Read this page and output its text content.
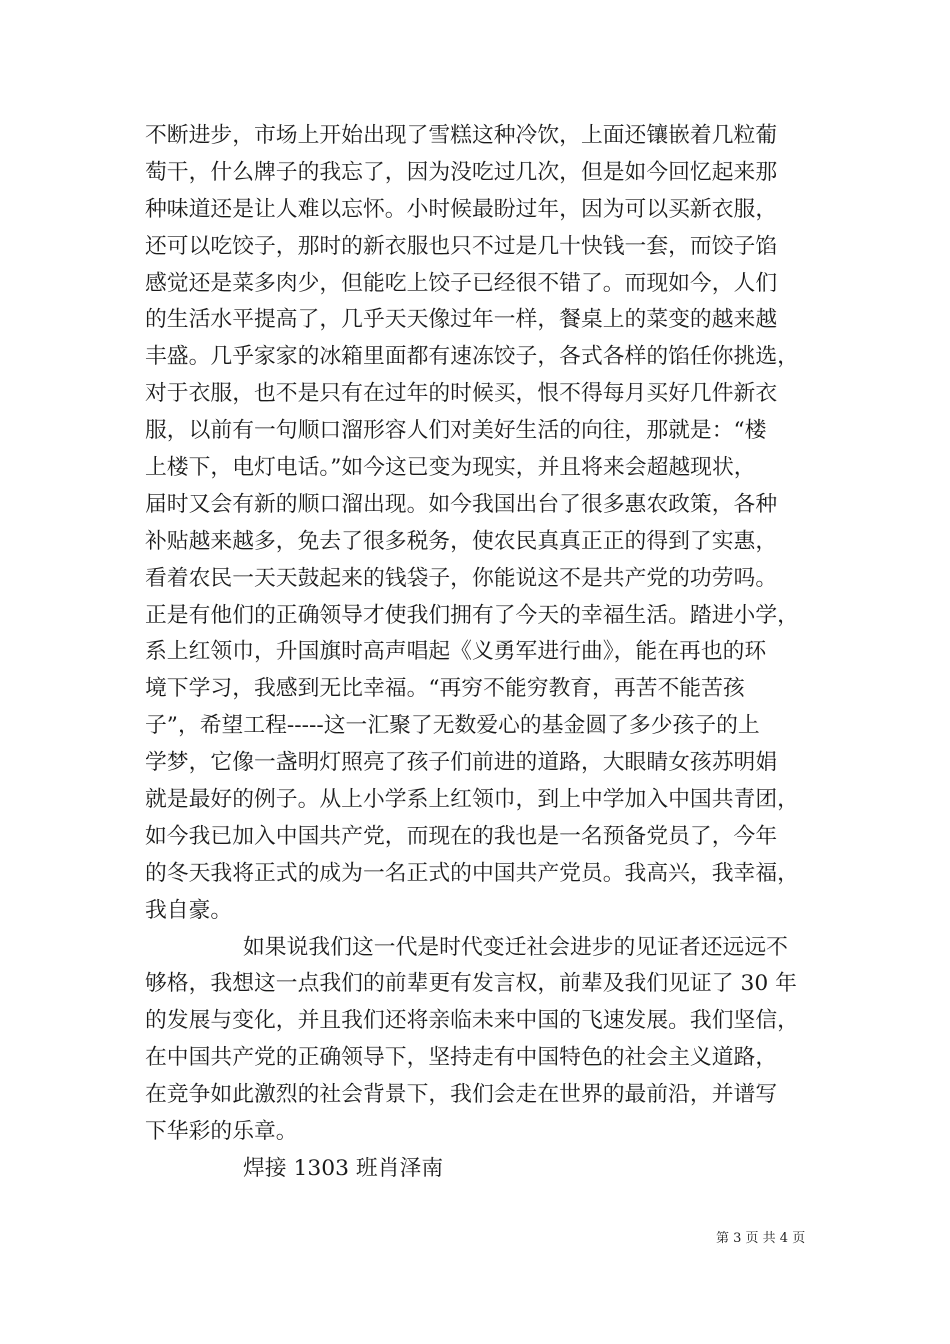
不断进步，市场上开始出现了雪糕这种冷饮，上面还镶嵌着几粒葡
萄干，什么牌子的我忘了，因为没吃过几次，但是如今回忆起来那
种味道还是让人难以忘怀。小时候最盼过年，因为可以买新衣服，
还可以吃饺子，那时的新衣服也只不过是几十快钱一套，而饺子馅
感觉还是菜多肉少，但能吃上饺子已经很不错了。而现如今，人们
的生活水平提高了，几乎天天像过年一样，餐桌上的菜变的越来越
丰盛。几乎家家的冰箱里面都有速冻饺子，各式各样的馅任你挑选，
对于衣服，也不是只有在过年的时候买，恨不得每月买好几件新衣
服，以前有一句顺口溜形容人们对美好生活的向往，那就是：“楼
上楼下，电灯电话。”如今这已变为现实，并且将来会超越现状，
届时又会有新的顺口溜出现。如今我国出台了很多惠农政策，各种
补贴越来越多，免去了很多税务，使农民真真正正的得到了实惠，
看着农民一天天鼓起来的钱袋子，你能说这不是共产党的功劳吗。
正是有他们的正确领导才使我们拥有了今天的幸福生活。踏进小学，
系上红领巾，升国旗时高声唱起《义勇军进行曲》，能在再也的环
境下学习，我感到无比幸福。“再穷不能穷教育，再苦不能苦孩
子”，希望工程-----这一汇聚了无数爱心的基金圆了多少孩子的上
学梦，它像一盏明灯照亮了孩子们前进的道路，大眼睛女孩苏明娟
就是最好的例子。从上小学系上红领巾，到上中学加入中国共青团，
如今我已加入中国共产党，而现在的我也是一名预备党员了，今年
的冬天我将正式的成为一名正式的中国共产党员。我高兴，我幸福，
我自豪。
如果说我们这一代是时代变迁社会进步的见证者还远远不
够格，我想这一点我们的前辈更有发言权，前辈及我们见证了 30 年
的发展与变化，并且我们还将亲临未来中国的飞速发展。我们坚信，
在中国共产党的正确领导下，坚持走有中国特色的社会主义道路，
在竞争如此激烈的社会背景下，我们会走在世界的最前沿，并谱写
下华彩的乐章。
焊接 1303 班肖泽南
第 3 页 共 4 页
